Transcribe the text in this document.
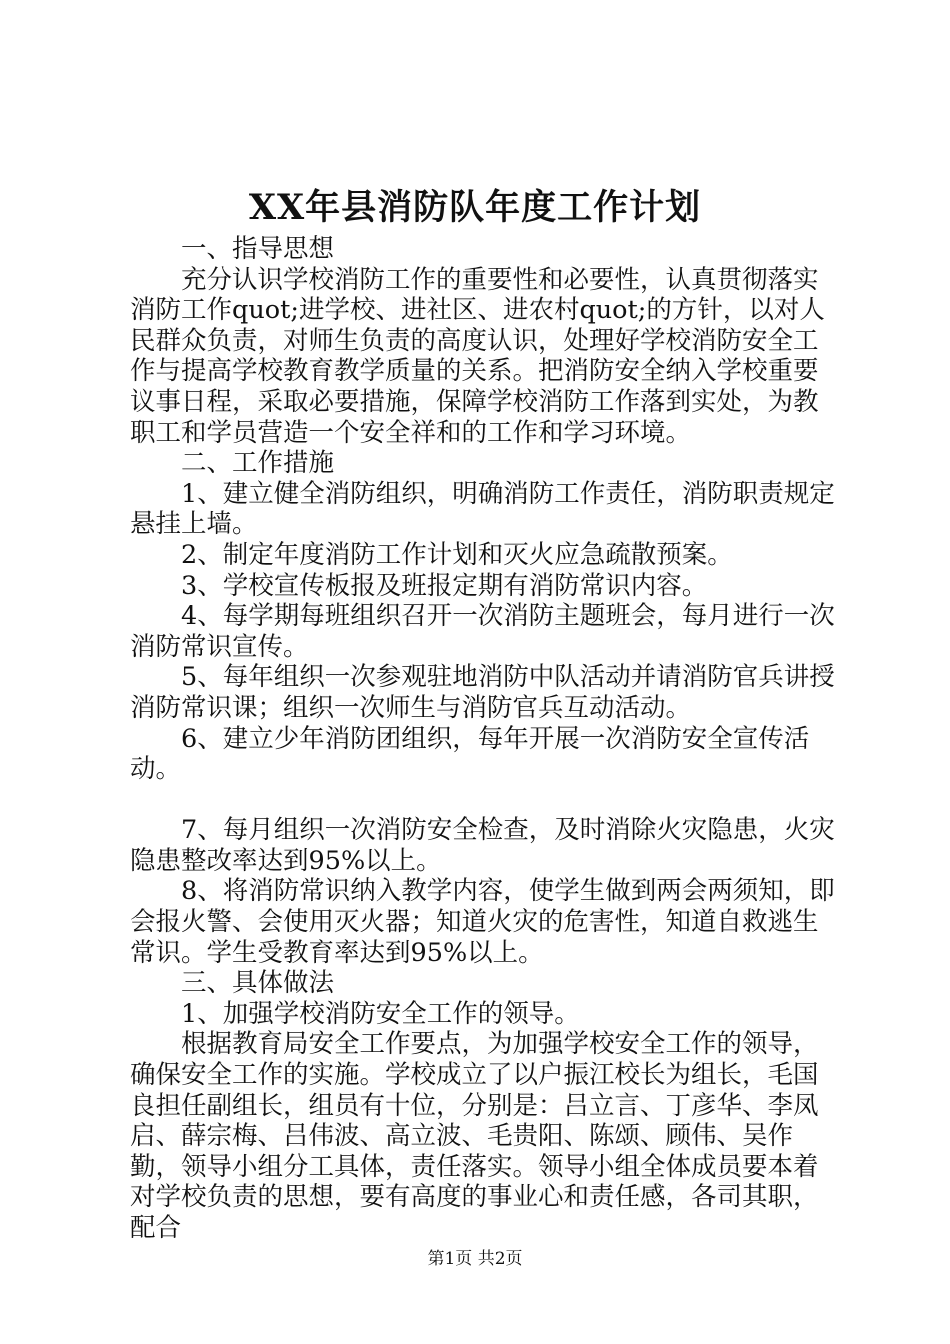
XX年县消防队年度工作计划

一、指导思想

充分认识学校消防工作的重要性和必要性，认真贯彻落实消防工作quot;进学校、进社区、进农村quot;的方针，以对人民群众负责，对师生负责的高度认识，处理好学校消防安全工作与提高学校教育教学质量的关系。把消防安全纳入学校重要议事日程，采取必要措施，保障学校消防工作落到实处，为教职工和学员营造一个安全祥和的工作和学习环境。

二、工作措施

1、建立健全消防组织，明确消防工作责任，消防职责规定悬挂上墙。

2、制定年度消防工作计划和灭火应急疏散预案。

3、学校宣传板报及班报定期有消防常识内容。

4、每学期每班组织召开一次消防主题班会，每月进行一次消防常识宣传。

5、每年组织一次参观驻地消防中队活动并请消防官兵讲授消防常识课；组织一次师生与消防官兵互动活动。

6、建立少年消防团组织，每年开展一次消防安全宣传活动。

7、每月组织一次消防安全检查，及时消除火灾隐患，火灾隐患整改率达到95%以上。

8、将消防常识纳入教学内容，使学生做到两会两须知，即会报火警、会使用灭火器；知道火灾的危害性，知道自救逃生常识。学生受教育率达到95%以上。

三、具体做法

1、加强学校消防安全工作的领导。

根据教育局安全工作要点，为加强学校安全工作的领导，确保安全工作的实施。学校成立了以户振江校长为组长，毛国良担任副组长，组员有十位，分别是：吕立言、丁彦华、李凤启、薛宗梅、吕伟波、高立波、毛贵阳、陈颂、顾伟、吴作勤，领导小组分工具体，责任落实。领导小组全体成员要本着对学校负责的思想，要有高度的事业心和责任感，各司其职，配合

第1页 共2页
